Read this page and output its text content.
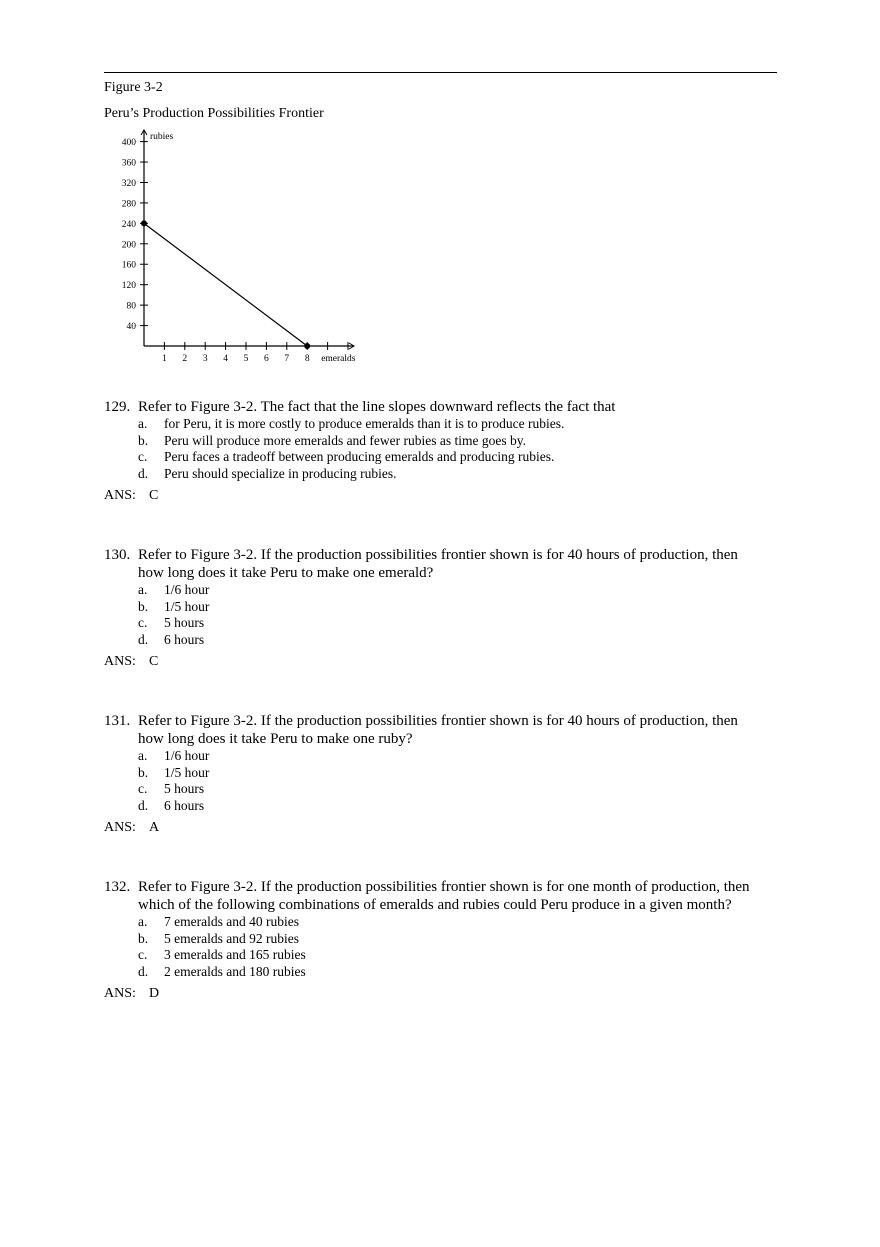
Figure 3-2
Peru’s Production Possibilities Frontier
40
80
120
160
200
240
280
320
360
400
1 2 3 4 5 6 7 8 emeralds
rubies
129. Refer to Figure 3-2. The fact that the line slopes downward reflects the fact that
a. for Peru, it is more costly to produce emeralds than it is to produce rubies.
b. Peru will produce more emeralds and fewer rubies as time goes by.
c. Peru faces a tradeoff between producing emeralds and producing rubies.
d. Peru should specialize in producing rubies.
ANS: C
130. Refer to Figure 3-2. If the production possibilities frontier shown is for 40 hours of production, then how long does it take Peru to make one emerald?
a. 1/6 hour
b. 1/5 hour
c. 5 hours
d. 6 hours
ANS: C
131. Refer to Figure 3-2. If the production possibilities frontier shown is for 40 hours of production, then how long does it take Peru to make one ruby?
a. 1/6 hour
b. 1/5 hour
c. 5 hours
d. 6 hours
ANS: A
132. Refer to Figure 3-2. If the production possibilities frontier shown is for one month of production, then which of the following combinations of emeralds and rubies could Peru produce in a given month?
a. 7 emeralds and 40 rubies
b. 5 emeralds and 92 rubies
c. 3 emeralds and 165 rubies
d. 2 emeralds and 180 rubies
ANS: D
